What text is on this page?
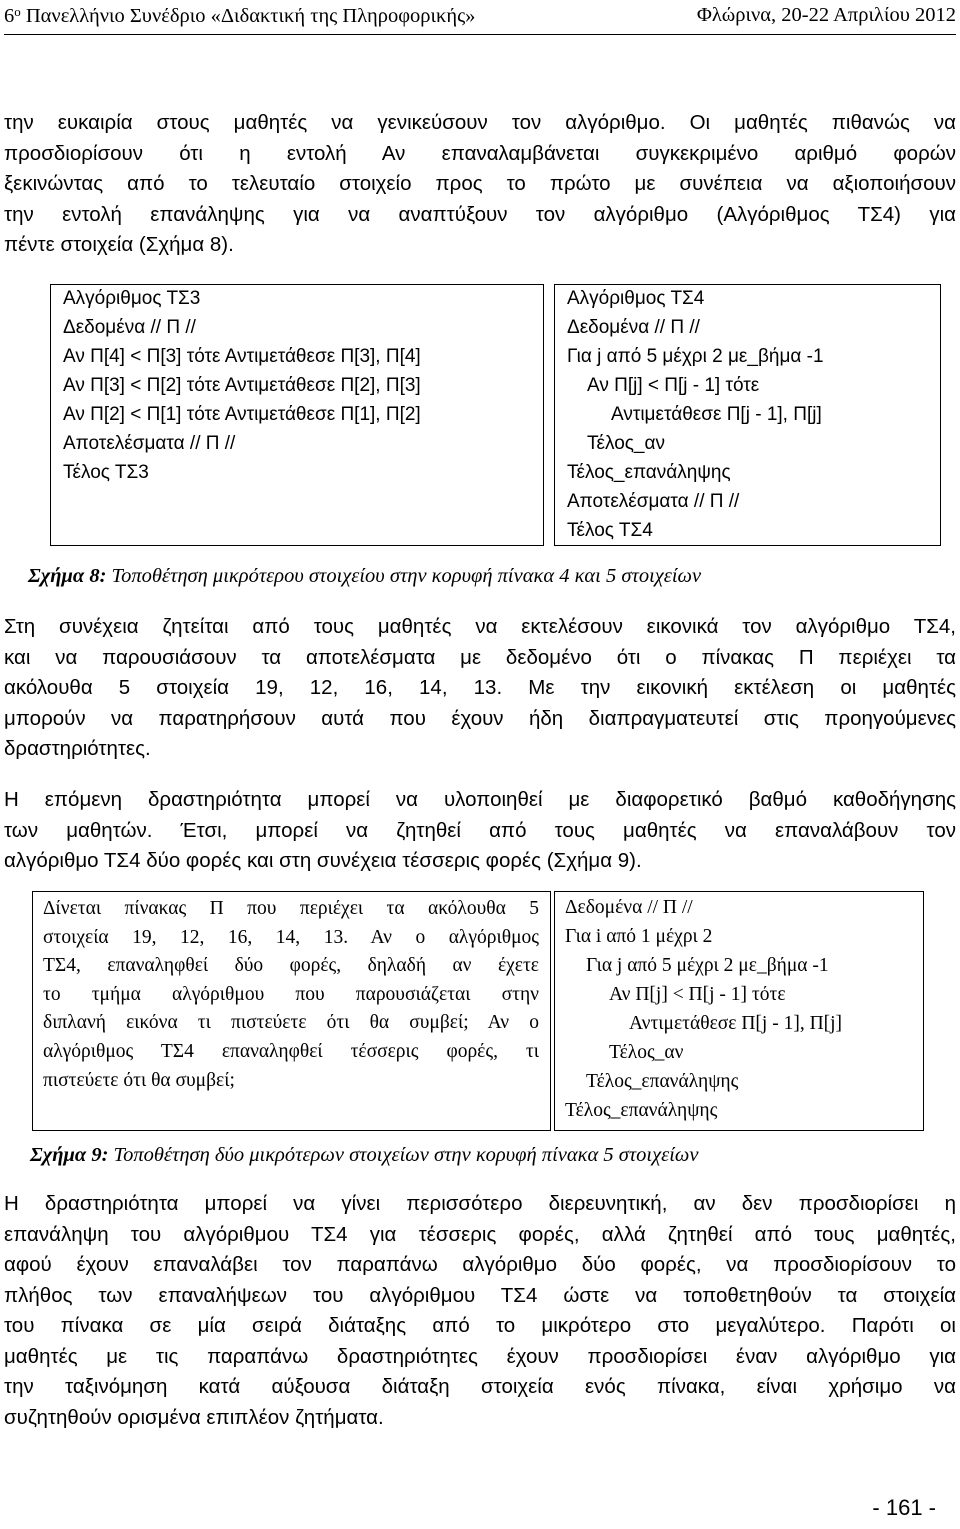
$6^o$ Πανελλήνιο Συνέδριο «Διδακτική της Πληροφορικής»	Φλώρινα, 20-22 Απριλίου 2012
την ευκαιρία στους μαθητές να γενικεύσουν τον αλγόριθμο. Οι μαθητές πιθανώς να
προσδιορίσουν ότι η εντολή Αν επαναλαμβάνεται συγκεκριμένο αριθμό φορών
ξεκινώντας από το τελευταίο στοιχείο προς το πρώτο με συνέπεια να αξιοποιήσουν
την εντολή επανάληψης για να αναπτύξουν τον αλγόριθμο (Αλγόριθμος ΤΣ4) για
πέντε στοιχεία (Σχήμα 8).
Αλγόριθμος ΤΣ3
Δεδομένα // Π //
Αν Π[4] < Π[3] τότε Αντιμετάθεσε Π[3], Π[4]
Αν Π[3] < Π[2] τότε Αντιμετάθεσε Π[2], Π[3]
Αν Π[2] < Π[1] τότε Αντιμετάθεσε Π[1], Π[2]
Αποτελέσματα // Π //
Τέλος ΤΣ3
Αλγόριθμος ΤΣ4
Δεδομένα // Π //
Για j από 5 μέχρι 2 με_βήμα -1
Αν Π[j] < Π[j - 1] τότε
Αντιμετάθεσε Π[j - 1], Π[j]
Τέλος_αν
Τέλος_επανάληψης
Αποτελέσματα // Π //
Τέλος ΤΣ4
Σχήμα 8: Τοποθέτηση μικρότερου στοιχείου στην κορυφή πίνακα 4 και 5 στοιχείων
Στη συνέχεια ζητείται από τους μαθητές να εκτελέσουν εικονικά τον αλγόριθμο ΤΣ4,
και να παρουσιάσουν τα αποτελέσματα με δεδομένο ότι ο πίνακας Π περιέχει τα
ακόλουθα 5 στοιχεία 19, 12, 16, 14, 13. Με την εικονική εκτέλεση οι μαθητές
μπορούν να παρατηρήσουν αυτά που έχουν ήδη διαπραγματευτεί στις προηγούμενες
δραστηριότητες.
Η επόμενη δραστηριότητα μπορεί να υλοποιηθεί με διαφορετικό βαθμό καθοδήγησης
των μαθητών. Έτσι, μπορεί να ζητηθεί από τους μαθητές να επαναλάβουν τον
αλγόριθμο ΤΣ4 δύο φορές και στη συνέχεια τέσσερις φορές (Σχήμα 9).
Δίνεται πίνακας Π που περιέχει τα ακόλουθα 5
στοιχεία 19, 12, 16, 14, 13. Αν ο αλγόριθμος
ΤΣ4, επαναληφθεί δύο φορές, δηλαδή αν έχετε
το τμήμα αλγόριθμου που παρουσιάζεται στην
διπλανή εικόνα τι πιστεύετε ότι θα συμβεί; Αν ο
αλγόριθμος ΤΣ4 επαναληφθεί τέσσερις φορές, τι
πιστεύετε ότι θα συμβεί;
Δεδομένα // Π //
Για i από 1 μέχρι 2
Για j από 5 μέχρι 2 με_βήμα -1
Αν Π[j] < Π[j - 1] τότε
Αντιμετάθεσε Π[j - 1], Π[j]
Τέλος_αν
Τέλος_επανάληψης
Τέλος_επανάληψης
Σχήμα 9: Τοποθέτηση δύο μικρότερων στοιχείων στην κορυφή πίνακα 5 στοιχείων
Η δραστηριότητα μπορεί να γίνει περισσότερο διερευνητική, αν δεν προσδιορίσει η
επανάληψη του αλγόριθμου ΤΣ4 για τέσσερις φορές, αλλά ζητηθεί από τους μαθητές,
αφού έχουν επαναλάβει τον παραπάνω αλγόριθμο δύο φορές, να προσδιορίσουν το
πλήθος των επαναλήψεων του αλγόριθμου ΤΣ4 ώστε να τοποθετηθούν τα στοιχεία
του πίνακα σε μία σειρά διάταξης από το μικρότερο στο μεγαλύτερο. Παρότι οι
μαθητές με τις παραπάνω δραστηριότητες έχουν προσδιορίσει έναν αλγόριθμο για
την ταξινόμηση κατά αύξουσα διάταξη στοιχεία ενός πίνακα, είναι χρήσιμο να
συζητηθούν ορισμένα επιπλέον ζητήματα.
- 161 -
